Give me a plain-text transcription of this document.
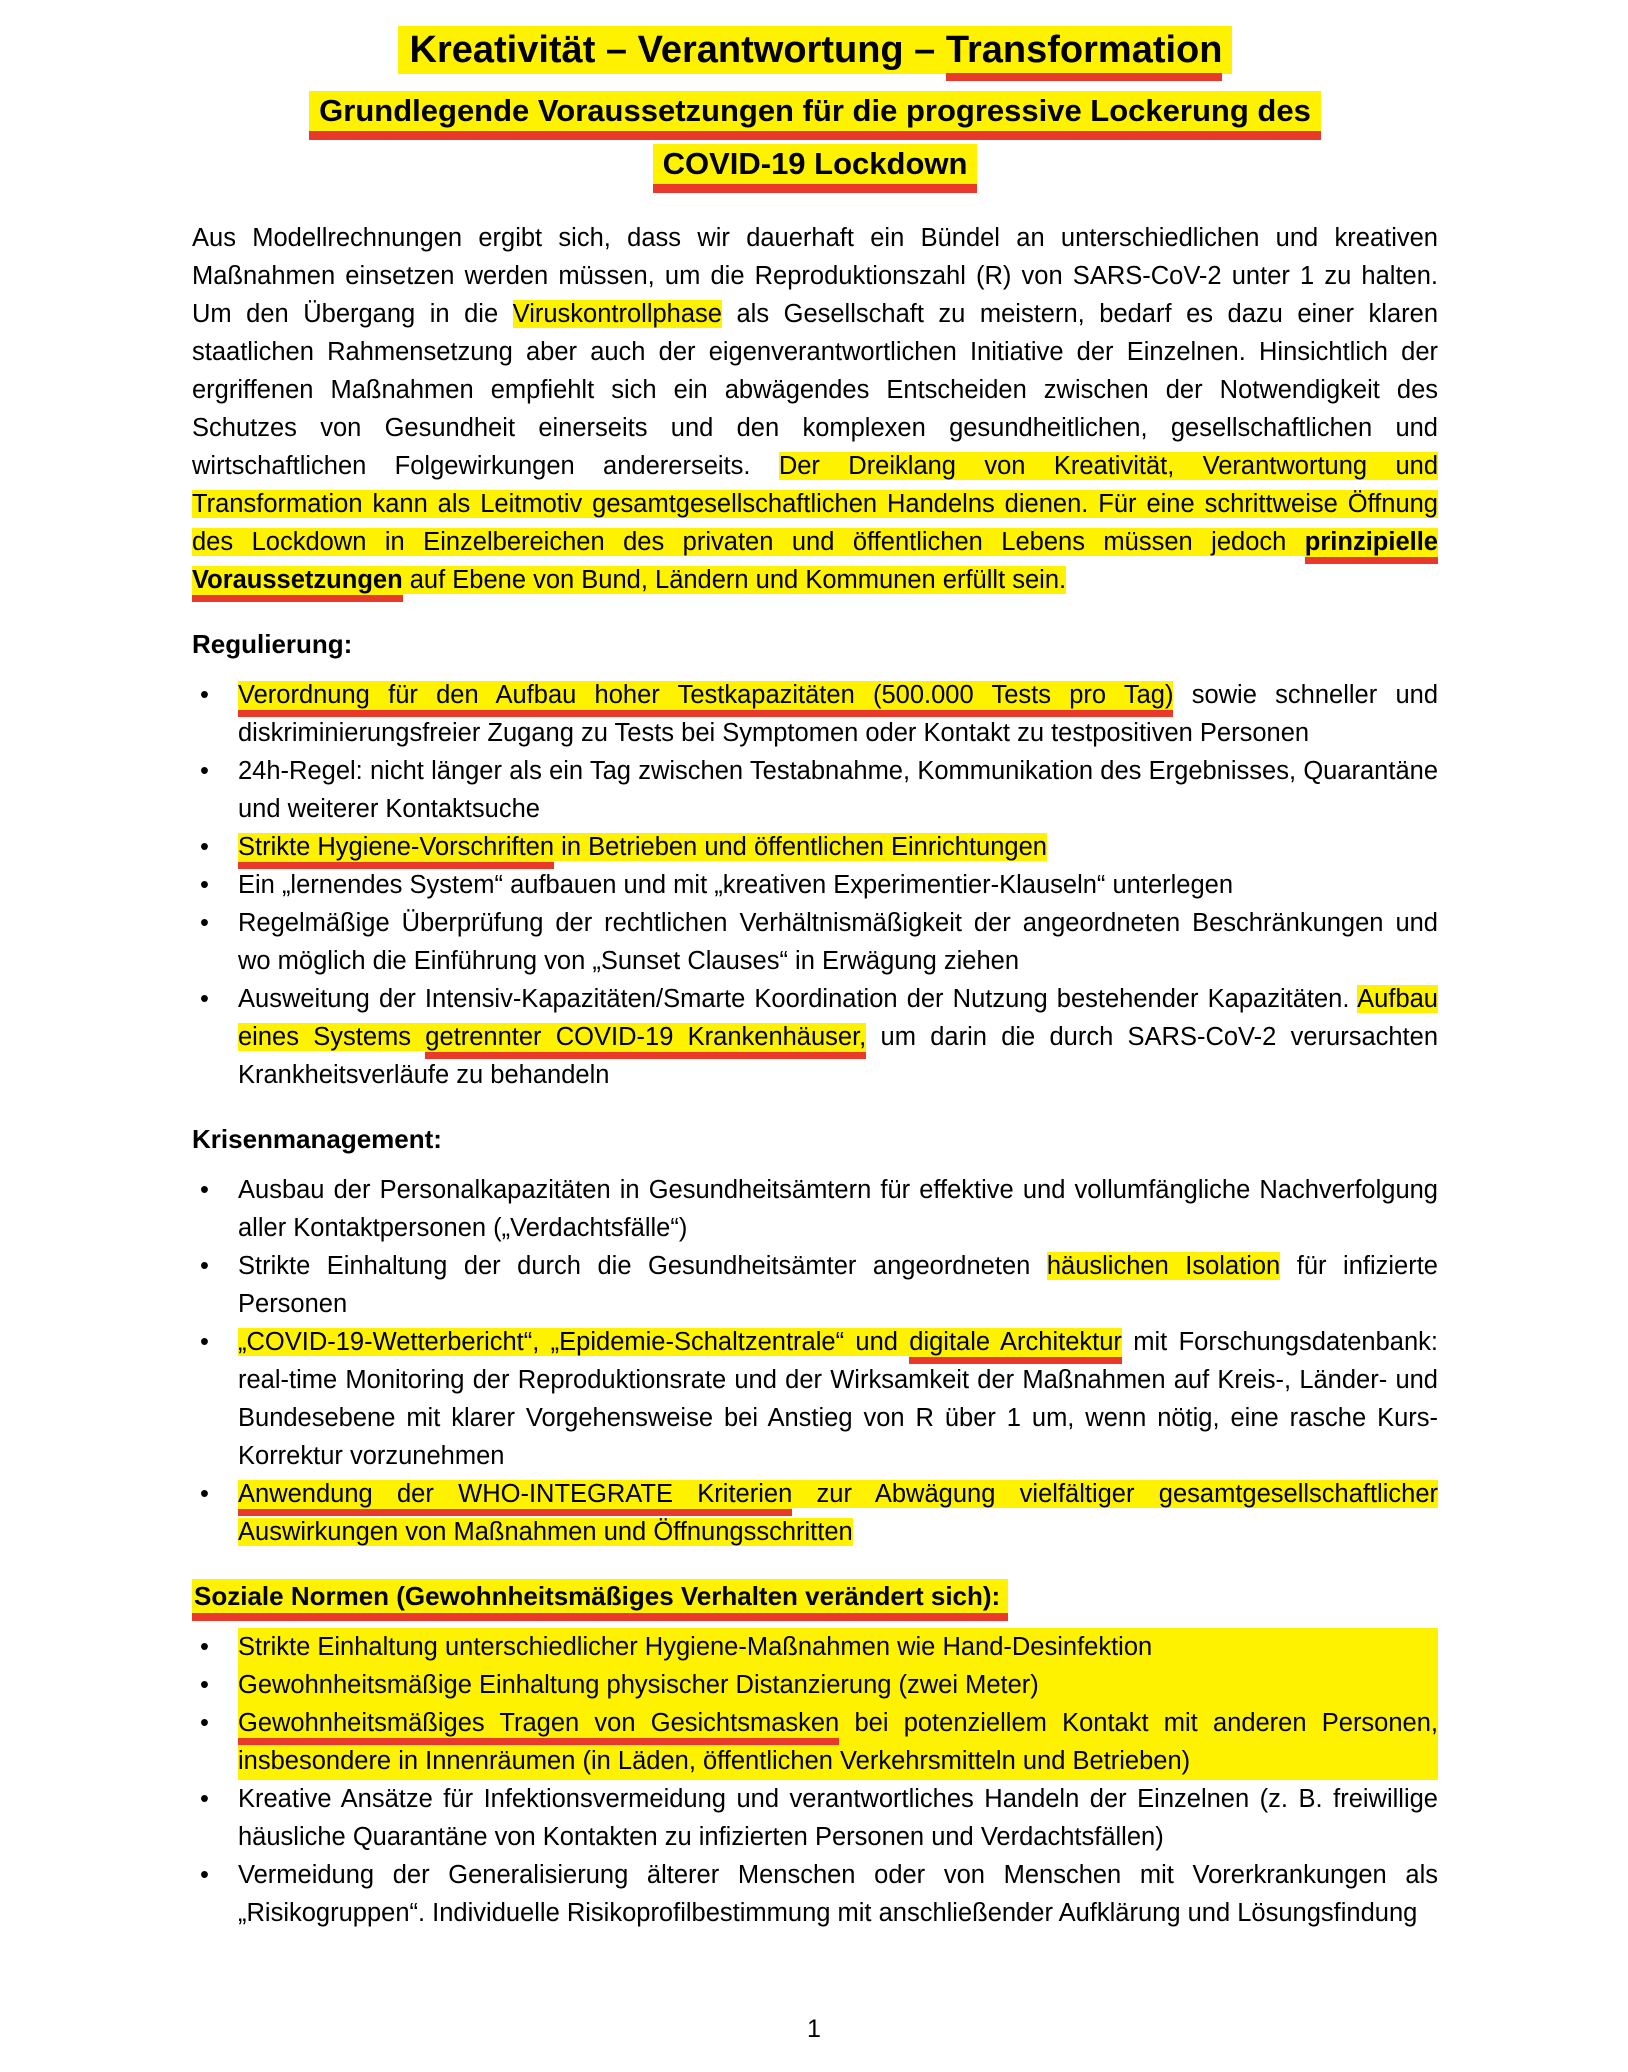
Kreativität – Verantwortung – Transformation
Grundlegende Voraussetzungen für die progressive Lockerung des
COVID-19 Lockdown

Aus Modellrechnungen ergibt sich, dass wir dauerhaft ein Bündel an unterschiedlichen und kreativen Maßnahmen einsetzen werden müssen, um die Reproduktionszahl (R) von SARS-CoV-2 unter 1 zu halten. Um den Übergang in die Viruskontrollphase als Gesellschaft zu meistern, bedarf es dazu einer klaren staatlichen Rahmensetzung aber auch der eigenverantwortlichen Initiative der Einzelnen. Hinsichtlich der ergriffenen Maßnahmen empfiehlt sich ein abwägendes Entscheiden zwischen der Notwendigkeit des Schutzes von Gesundheit einerseits und den komplexen gesundheitlichen, gesellschaftlichen und wirtschaftlichen Folgewirkungen andererseits. Der Dreiklang von Kreativität, Verantwortung und Transformation kann als Leitmotiv gesamtgesellschaftlichen Handelns dienen. Für eine schrittweise Öffnung des Lockdown in Einzelbereichen des privaten und öffentlichen Lebens müssen jedoch prinzipielle Voraussetzungen auf Ebene von Bund, Ländern und Kommunen erfüllt sein.

Regulierung:
• Verordnung für den Aufbau hoher Testkapazitäten (500.000 Tests pro Tag) sowie schneller und diskriminierungsfreier Zugang zu Tests bei Symptomen oder Kontakt zu testpositiven Personen
• 24h-Regel: nicht länger als ein Tag zwischen Testabnahme, Kommunikation des Ergebnisses, Quarantäne und weiterer Kontaktsuche
• Strikte Hygiene-Vorschriften in Betrieben und öffentlichen Einrichtungen
• Ein „lernendes System“ aufbauen und mit „kreativen Experimentier-Klauseln“ unterlegen
• Regelmäßige Überprüfung der rechtlichen Verhältnismäßigkeit der angeordneten Beschränkungen und wo möglich die Einführung von „Sunset Clauses“ in Erwägung ziehen
• Ausweitung der Intensiv-Kapazitäten/Smarte Koordination der Nutzung bestehender Kapazitäten. Aufbau eines Systems getrennter COVID-19 Krankenhäuser, um darin die durch SARS-CoV-2 verursachten Krankheitsverläufe zu behandeln
Krisenmanagement:
• Ausbau der Personalkapazitäten in Gesundheitsämtern für effektive und vollumfängliche Nachverfolgung aller Kontaktpersonen („Verdachtsfälle“)
• Strikte Einhaltung der durch die Gesundheitsämter angeordneten häuslichen Isolation für infizierte Personen
• „COVID-19-Wetterbericht“, „Epidemie-Schaltzentrale“ und digitale Architektur mit Forschungsdatenbank: real-time Monitoring der Reproduktionsrate und der Wirksamkeit der Maßnahmen auf Kreis-, Länder- und Bundesebene mit klarer Vorgehensweise bei Anstieg von R über 1 um, wenn nötig, eine rasche Kurs-Korrektur vorzunehmen
• Anwendung der WHO-INTEGRATE Kriterien zur Abwägung vielfältiger gesamtgesellschaftlicher Auswirkungen von Maßnahmen und Öffnungsschritten
Soziale Normen (Gewohnheitsmäßiges Verhalten verändert sich):
• Strikte Einhaltung unterschiedlicher Hygiene-Maßnahmen wie Hand-Desinfektion
• Gewohnheitsmäßige Einhaltung physischer Distanzierung (zwei Meter)
• Gewohnheitsmäßiges Tragen von Gesichtsmasken bei potenziellem Kontakt mit anderen Personen, insbesondere in Innenräumen (in Läden, öffentlichen Verkehrsmitteln und Betrieben)
• Kreative Ansätze für Infektionsvermeidung und verantwortliches Handeln der Einzelnen (z. B. freiwillige häusliche Quarantäne von Kontakten zu infizierten Personen und Verdachtsfällen)
• Vermeidung der Generalisierung älterer Menschen oder von Menschen mit Vorerkrankungen als „Risikogruppen“. Individuelle Risikoprofilbestimmung mit anschließender Aufklärung und Lösungsfindung
1
